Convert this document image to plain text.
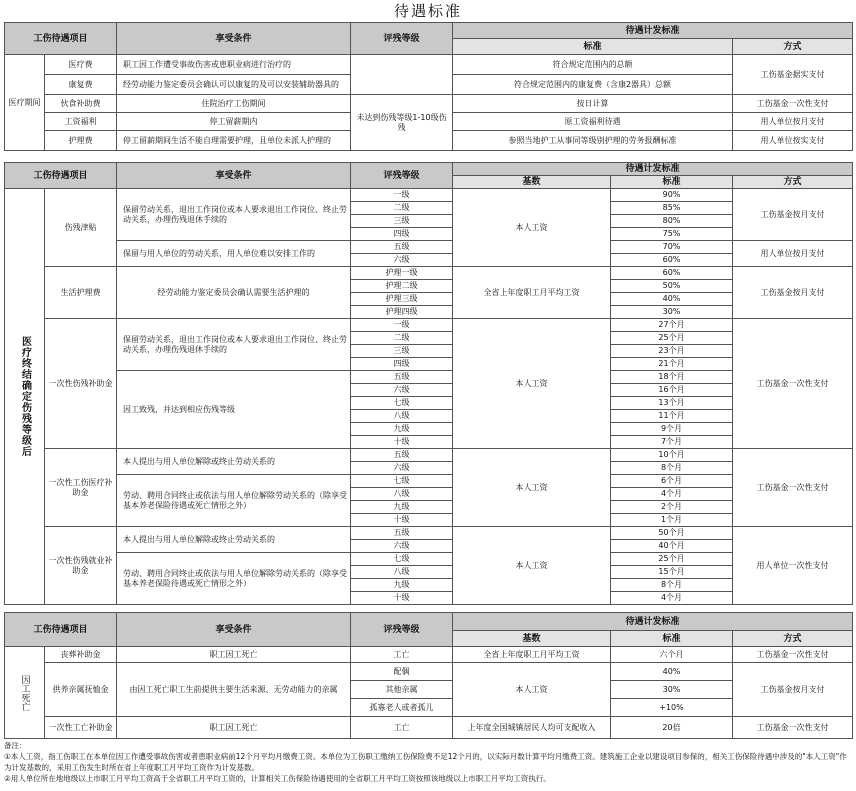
待遇标准
工伤待遇项目		享受条件	评残等级	待遇计发标准	
				标准	方式
医疗期间	医疗费	职工因工作遭受事故伤害或患职业病进行治疗的		符合规定范围内的总额	工伤基金据实支付
	康复费	经劳动能力鉴定委员会确认可以康复的及可以安装辅助器具的		符合规定范围内的康复费（含康2器具）总额	
	伙食补助费	住院治疗工伤期间	未达到伤残等级1-10级伤残	按日计算	工伤基金一次性支付
	工资福利	停工留薪期内		原工资福利待遇	用人单位按月支付
	护理费	停工留薪期间生活不能自理需要护理，且单位未派人护理的		参照当地护工从事同等级别护理的劳务报酬标准	用人单位按实支付
工伤待遇项目		享受条件	评残等级	待遇计发标准		
				基数	标准	方式
医疗终结确定伤残等级后	伤残津贴	保留劳动关系，退出工作岗位或本人要求退出工作岗位、终止劳动关系，办理伤残退休手续的	一级	本人工资	90%	工伤基金按月支付
			二级		85%	
			三级		80%	
			四级		75%	
		保留与用人单位的劳动关系，用人单位难以安排工作的	五级		70%	用人单位按月支付
			六级		60%	
	生活护理费	经劳动能力鉴定委员会确认需要生活护理的	护理一级	全省上年度职工月平均工资	60%	工伤基金按月支付
			护理二级		50%	
			护理三级		40%	
			护理四级		30%	
	一次性伤残补助金	保留劳动关系，退出工作岗位或本人要求退出工作岗位、终止劳动关系，办理伤残退休手续的	一级	本人工资	27个月	工伤基金一次性支付
			二级		25个月	
			三级		23个月	
			四级		21个月	
		因工致残，并达到相应伤残等级	五级		18个月	
			六级		16个月	
			七级		13个月	
			八级		11个月	
			九级		9个月	
			十级		7个月	
	一次性工伤医疗补助金	本人提出与用人单位解除或终止劳动关系的	五级	本人工资	10个月	工伤基金一次性支付
			六级		8个月	
		劳动、聘用合同终止或依法与用人单位解除劳动关系的（除享受基本养老保险待遇或死亡情形之外）	七级		6个月	
			八级		4个月	
			九级		2个月	
			十级		1个月	
	一次性伤残就业补助金	本人提出与用人单位解除或终止劳动关系的	五级	本人工资	50个月	用人单位一次性支付
			六级		40个月	
		劳动、聘用合同终止或依法与用人单位解除劳动关系的（除享受基本养老保险待遇或死亡情形之外）	七级		25个月	
			八级		15个月	
			九级		8个月	
			十级		4个月	
工伤待遇项目		享受条件	评残等级	待遇计发标准		
				基数	标准	方式
因工死亡	丧葬补助金	职工因工死亡	工亡	全省上年度职工月平均工资	六个月	工伤基金一次性支付
	供养亲属抚恤金	由因工死亡职工生前提供主要生活来源、无劳动能力的亲属	配偶	本人工资	40%	工伤基金按月支付
			其他亲属		30%	
			孤寡老人或者孤儿		+10%	
	一次性工亡补助金	职工因工死亡	工亡	上年度全国城镇居民人均可支配收入	20倍	工伤基金一次性支付
备注：
①本人工资，指工伤职工在本单位因工作遭受事故伤害或者患职业病前12个月平均月缴费工资。本单位为工伤职工缴纳工伤保险费不足12个月的，以实际月数计算平均月缴费工资。建筑施工企业以建设项目参保的，相关工伤保险待遇中涉及的"本人工资"作为计发基数的，采用工伤发生时所在省上年度职工月平均工资作为计发基数。
②用人单位所在地地级以上市职工月平均工资高于全省职工月平均工资的，计算相关工伤保险待遇使用的全省职工月平均工资按照该地级以上市职工月平均工资执行。
